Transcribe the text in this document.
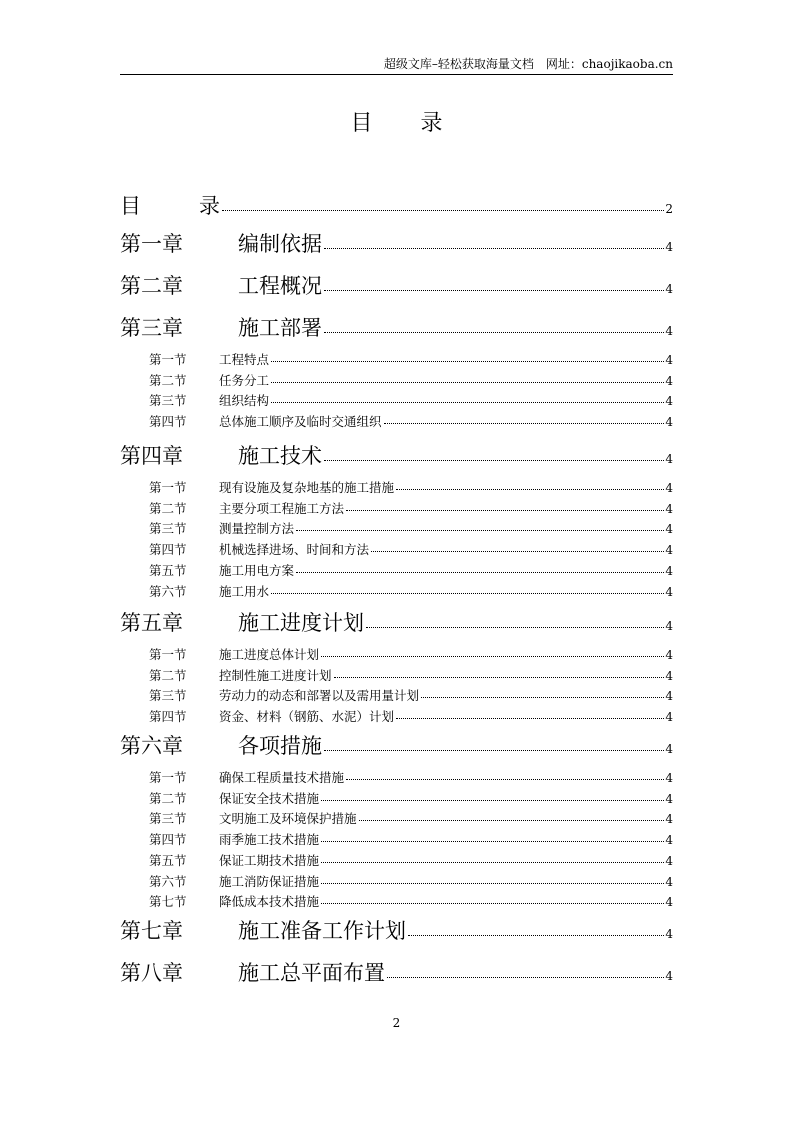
超级文库–轻松获取海量文档 网址：chaojikaoba.cn
目 录
目	录	2
第一章	编制依据	4
第二章	工程概况	4
第三章	施工部署	4
第一节	工程特点	4
第二节	任务分工	4
第三节	组织结构	4
第四节	总体施工顺序及临时交通组织	4
第四章	施工技术	4
第一节	现有设施及复杂地基的施工措施	4
第二节	主要分项工程施工方法	4
第三节	测量控制方法	4
第四节	机械选择进场、时间和方法	4
第五节	施工用电方案	4
第六节	施工用水	4
第五章	施工进度计划	4
第一节	施工进度总体计划	4
第二节	控制性施工进度计划	4
第三节	劳动力的动态和部署以及需用量计划	4
第四节	资金、材料（钢筋、水泥）计划	4
第六章	各项措施	4
第一节	确保工程质量技术措施	4
第二节	保证安全技术措施	4
第三节	文明施工及环境保护措施	4
第四节	雨季施工技术措施	4
第五节	保证工期技术措施	4
第六节	施工消防保证措施	4
第七节	降低成本技术措施	4
第七章	施工准备工作计划	4
第八章	施工总平面布置	4
2
